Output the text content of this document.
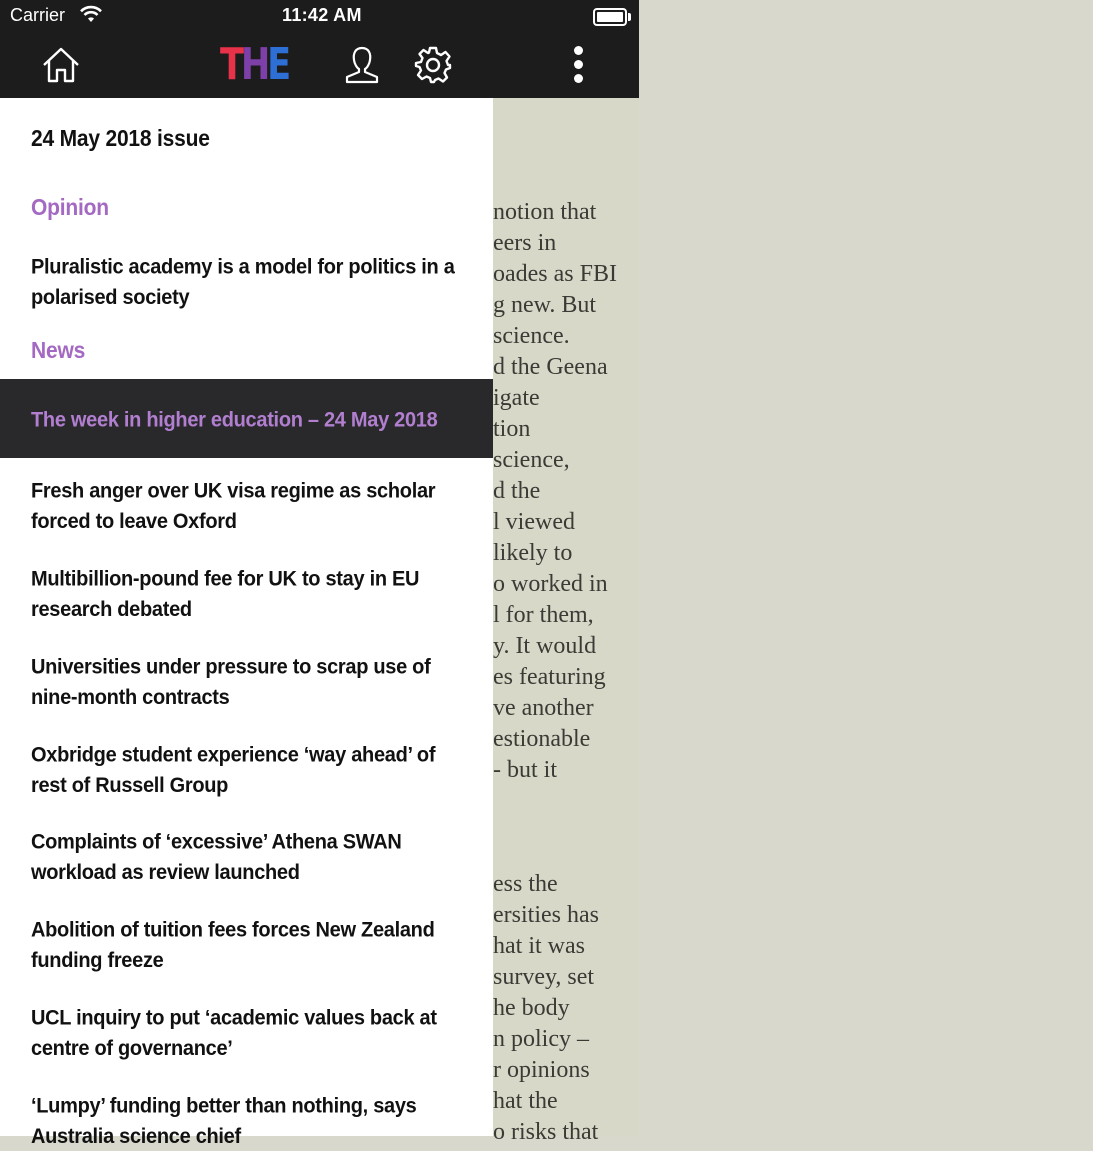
notion that
eers in
oades as FBI
g new. But
science.
d the Geena
igate
tion
science,
d the
l viewed
likely to
o worked in
l for them,
y. It would
es featuring
ve another
estionable
- but it
ess the
ersities has
hat it was
survey, set
he body
n policy –
r opinions
hat the
o risks that
Carrier	11:42 AM
THE
24 May 2018 issue
Opinion
Pluralistic academy is a model for politics in a polarised society
News
The week in higher education – 24 May 2018
Fresh anger over UK visa regime as scholar forced to leave Oxford
Multibillion-pound fee for UK to stay in EU research debated
Universities under pressure to scrap use of nine-month contracts
Oxbridge student experience ‘way ahead’ of rest of Russell Group
Complaints of ‘excessive’ Athena SWAN workload as review launched
Abolition of tuition fees forces New Zealand funding freeze
UCL inquiry to put ‘academic values back at centre of governance’
‘Lumpy’ funding better than nothing, says Australia science chief
